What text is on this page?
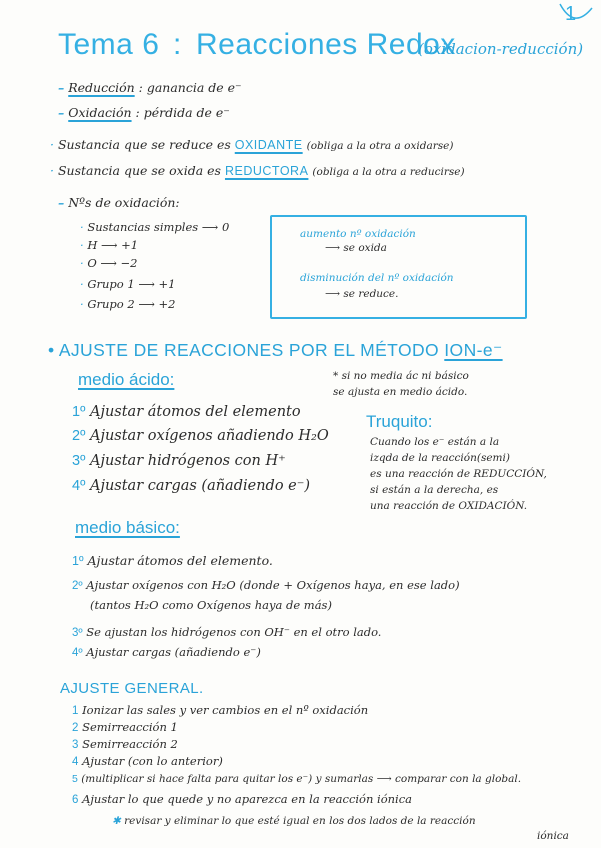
Tema 6 : Reacciones Redox
(oxidacion-reducción)
1
– Reducción : ganancia de e⁻
– Oxidación : pérdida de e⁻
· Sustancia que se reduce es OXIDANTE (obliga a la otra a oxidarse)
· Sustancia que se oxida es REDUCTORA (obliga a la otra a reducirse)
– Nºs de oxidación:
· Sustancias simples ⟶ 0
· H ⟶ +1
· O ⟶ −2
· Grupo 1 ⟶ +1
· Grupo 2 ⟶ +2
aumento nº oxidación
⟶ se oxida
disminución del nº oxidación
⟶ se reduce.
• AJUSTE DE REACCIONES POR EL MÉTODO ION-e⁻
* si no media ác ni básico
se ajusta en medio ácido.
medio ácido:
1º Ajustar átomos del elemento
2º Ajustar oxígenos añadiendo H₂O
3º Ajustar hidrógenos con H⁺
4º Ajustar cargas (añadiendo e⁻)
Truquito:
Cuando los e⁻ están a la
izqda de la reacción(semi)
es una reacción de REDUCCIÓN,
si están a la derecha, es
una reacción de OXIDACIÓN.
medio básico:
1º Ajustar átomos del elemento.
2º Ajustar oxígenos con H₂O (donde + Oxígenos haya, en ese lado)
(tantos H₂O como Oxígenos haya de más)
3º Se ajustan los hidrógenos con OH⁻ en el otro lado.
4º Ajustar cargas (añadiendo e⁻)
AJUSTE GENERAL.
1 Ionizar las sales y ver cambios en el nº oxidación
2 Semirreacción 1
3 Semirreacción 2
4 Ajustar (con lo anterior)
5 (multiplicar si hace falta para quitar los e⁻) y sumarlas ⟶ comparar con la global.
6 Ajustar lo que quede y no aparezca en la reacción iónica
✱ revisar y eliminar lo que esté igual en los dos lados de la reacción
iónica
